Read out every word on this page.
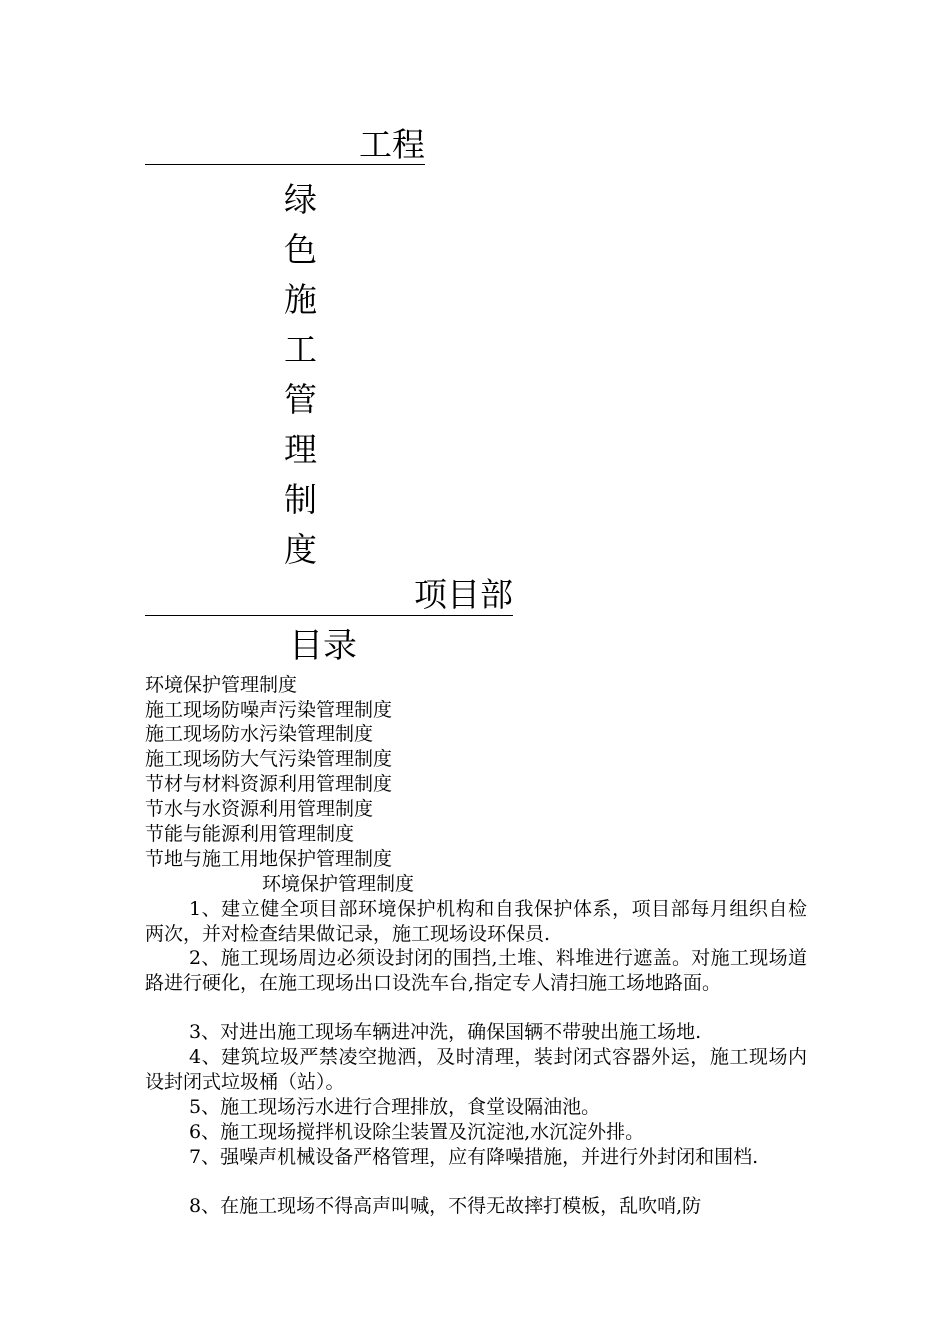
工程
绿
色
施
工
管
理
制
度
项目部
目录
环境保护管理制度
施工现场防噪声污染管理制度
施工现场防水污染管理制度
施工现场防大气污染管理制度
节材与材料资源利用管理制度
节水与水资源利用管理制度
节能与能源利用管理制度
节地与施工用地保护管理制度
环境保护管理制度

1、建立健全项目部环境保护机构和自我保护体系，项目部每月组织自检两次，并对检查结果做记录，施工现场设环保员.

2、施工现场周边必须设封闭的围挡,土堆、料堆进行遮盖。对施工现场道路进行硬化，在施工现场出口设洗车台,指定专人清扫施工场地路面。

3、对进出施工现场车辆进冲洗，确保国辆不带驶出施工场地.

4、建筑垃圾严禁凌空抛洒，及时清理，装封闭式容器外运，施工现场内设封闭式垃圾桶（站）。

5、施工现场污水进行合理排放，食堂设隔油池。

6、施工现场搅拌机设除尘装置及沉淀池,水沉淀外排。

7、强噪声机械设备严格管理，应有降噪措施，并进行外封闭和围档.

8、在施工现场不得高声叫喊，不得无故摔打模板，乱吹哨,防
